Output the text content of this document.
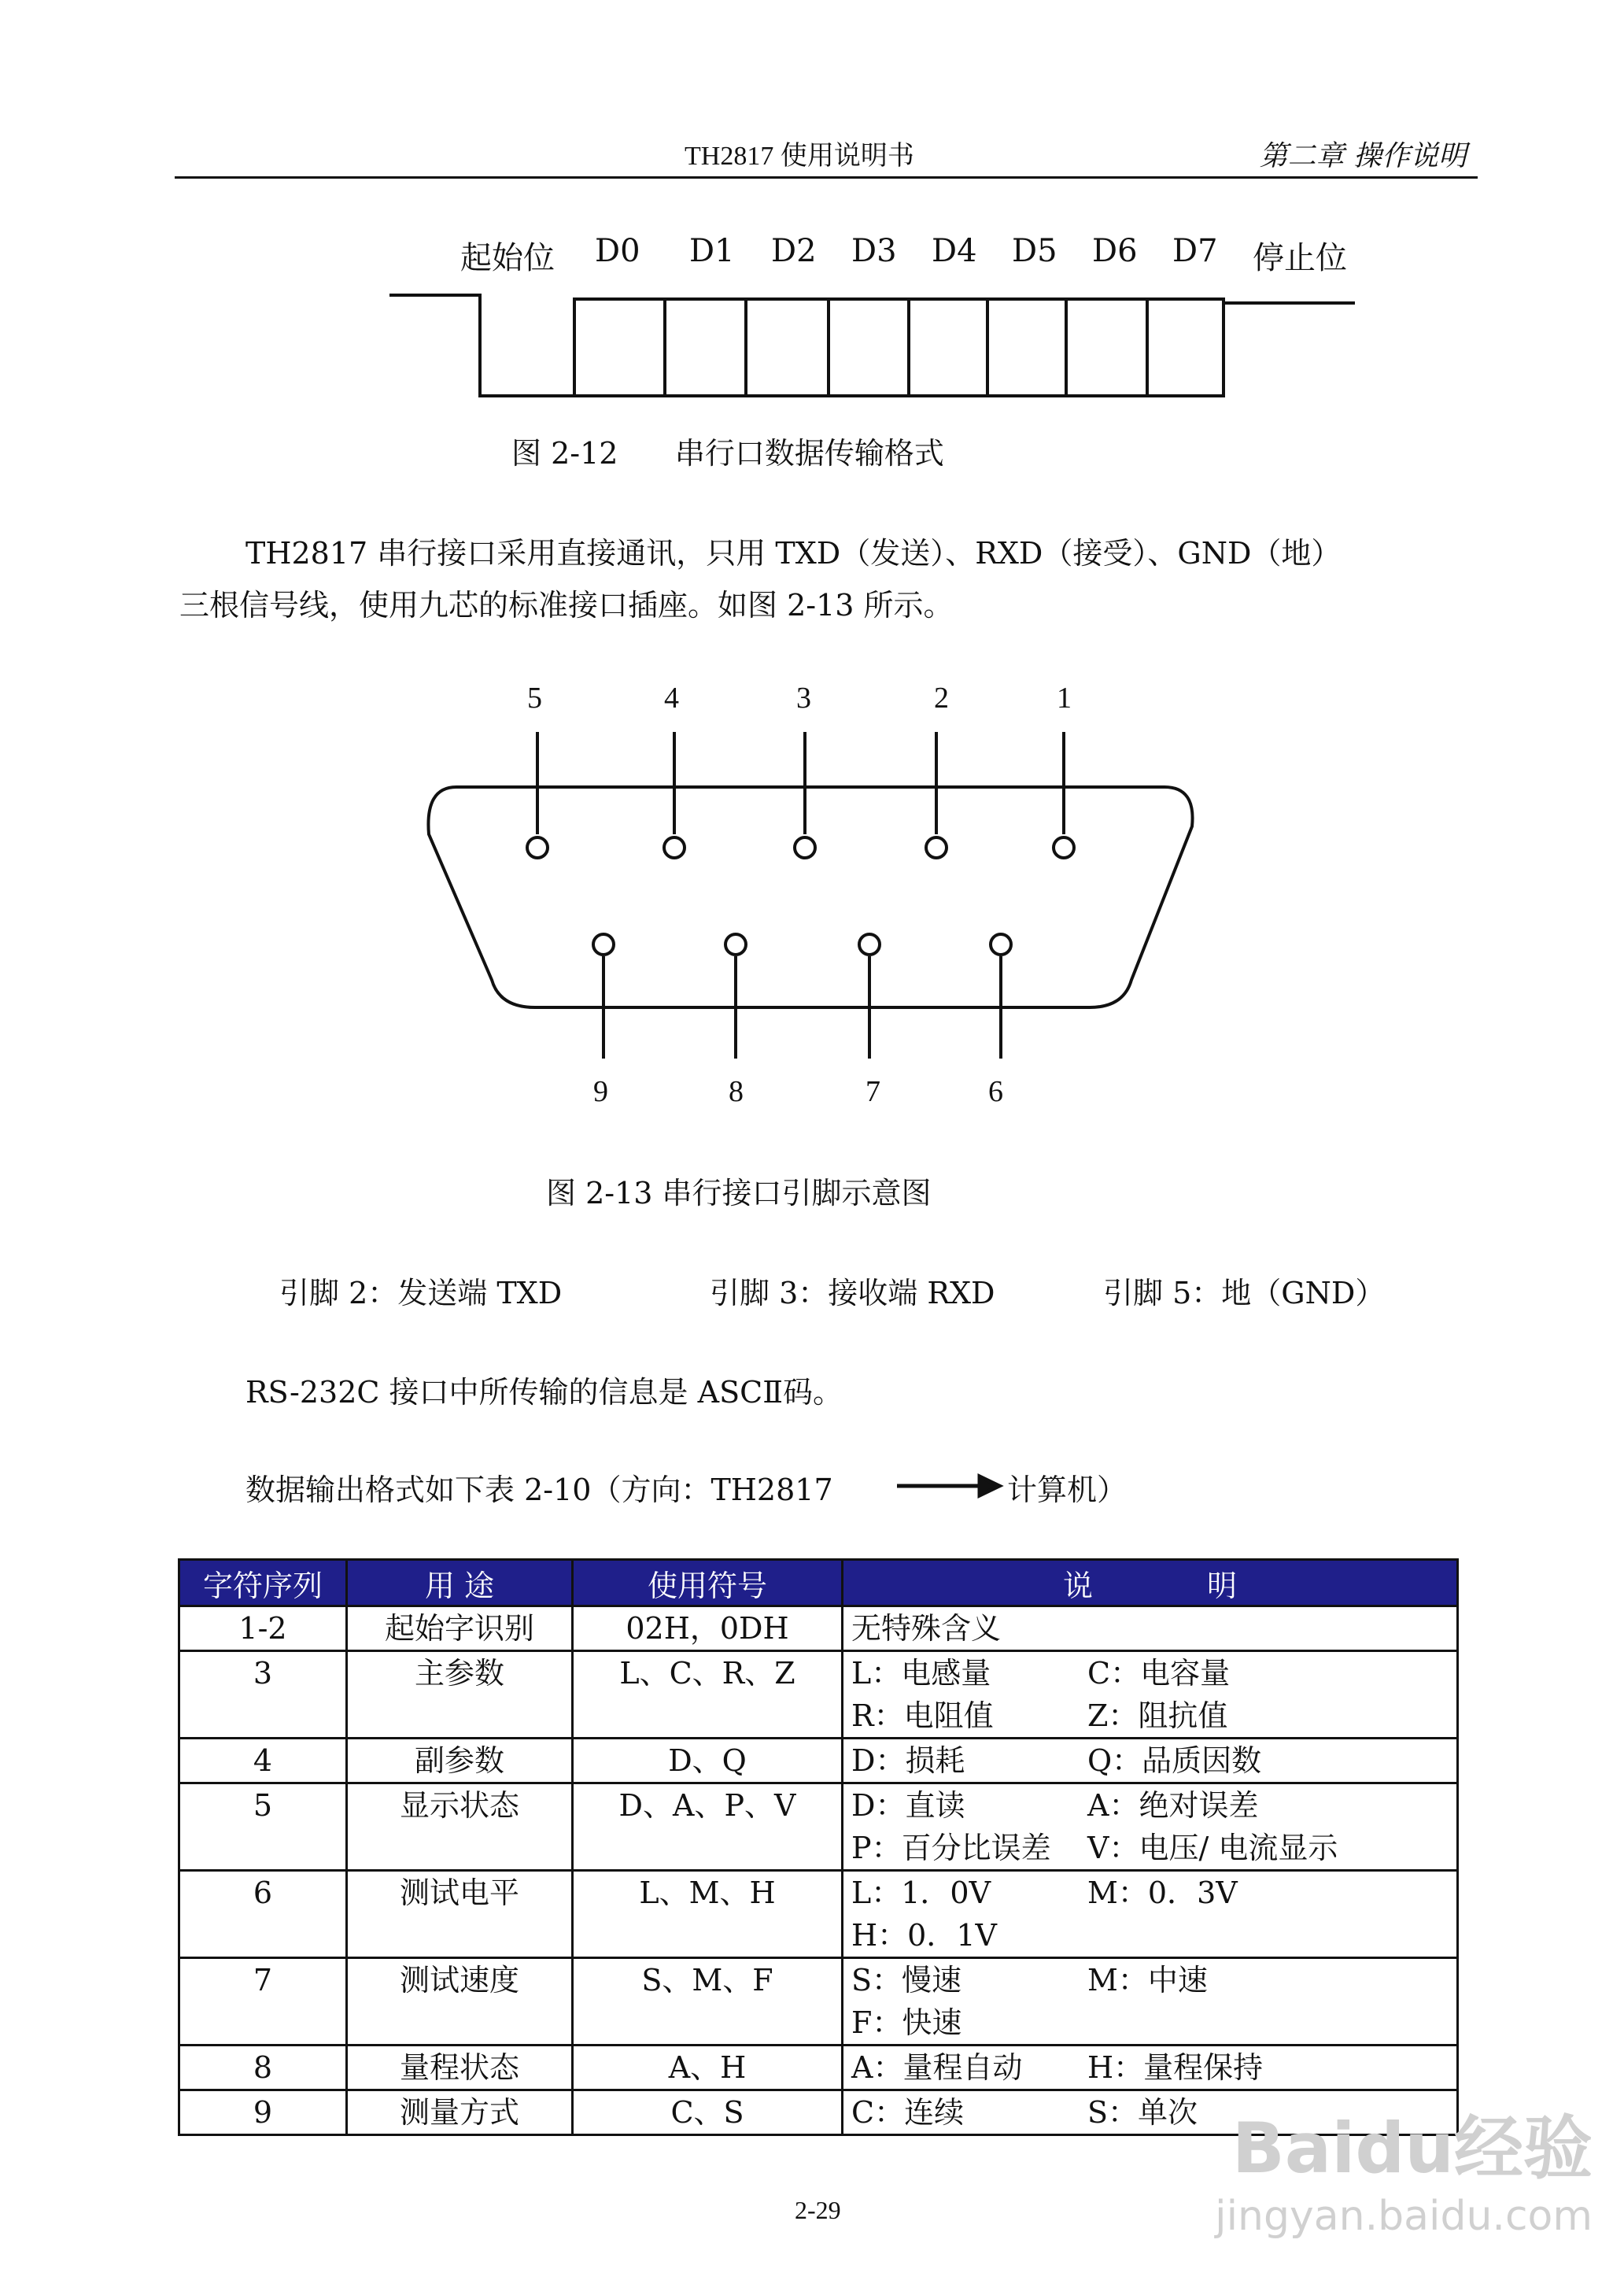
TH2817 使用说明书	第二章 操作说明
起始位 D0 D1 D2 D3 D4 D5 D6 D7 停止位
图 2-12      串行口数据传输格式
TH2817 串行接口采用直接通讯，只用 TXD（发送）、RXD（接受）、GND（地）
三根信号线，使用九芯的标准接口插座。如图 2-13 所示。
5	4	3	2	1
9	8	7	6
图 2-13 串行接口引脚示意图
引脚 2：发送端 TXD	引脚 3：接收端 RXD	引脚 5：地（GND）
RS-232C 接口中所传输的信息是 ASCⅡ码。
数据输出格式如下表 2-10（方向：TH2817	计算机）
字符序列	用 途	使用符号	说            明
1-2	起始字识别	02H，0DH	无特殊含义

3	主参数	L、C、R、Z	L：电感量 C：电容量
R：电阻值 Z：阻抗值

4	副参数	D、Q	D：损耗 Q：品质因数

5	显示状态	D、A、P、V	D：直读 A：绝对误差
P：百分比误差 V：电压/ 电流显示

6	测试电平	L、M、H	L：1．0V M：0．3V
H：0．1V

7	测试速度	S、M、F	S：慢速 M：中速
F：快速

8	量程状态	A、H	A：量程自动 H：量程保持

9	测量方式	C、S	C：连续 S：单次
2-29
Baidu经验
jingyan.baidu.com
